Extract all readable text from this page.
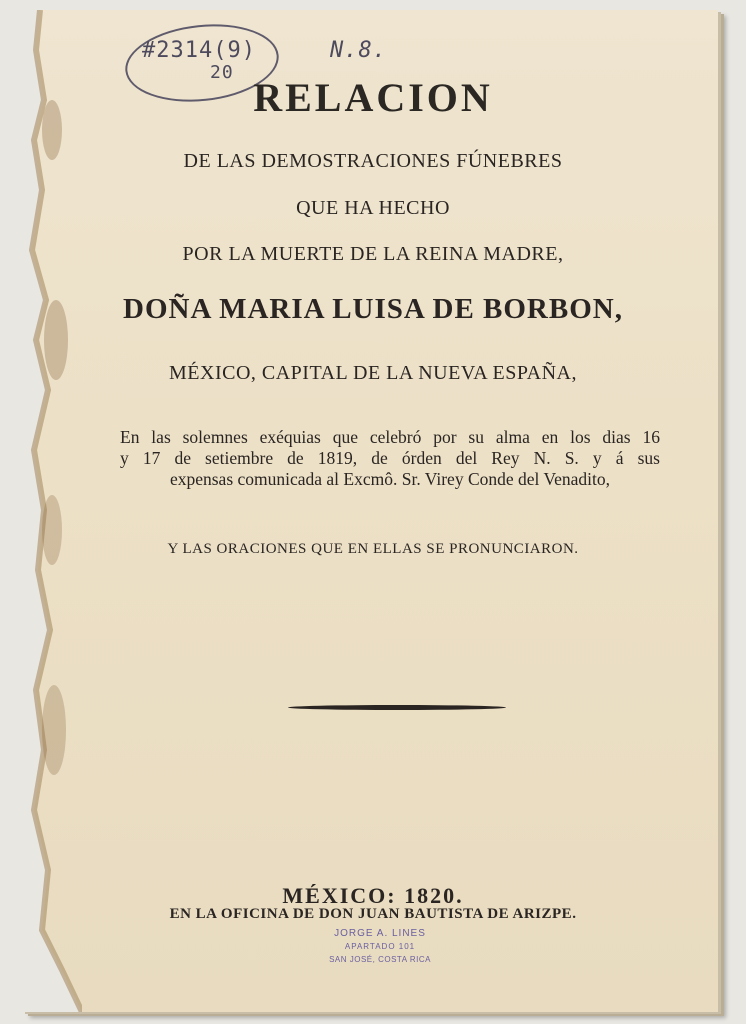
#2314(9)
20
N.8.
RELACION
DE LAS DEMOSTRACIONES FÚNEBRES
QUE HA HECHO
POR LA MUERTE DE LA REINA MADRE,
DOÑA MARIA LUISA DE BORBON,
MÉXICO, CAPITAL DE LA NUEVA ESPAÑA,
En las solemnes exéquias que celebró por su alma en los dias 16
y 17 de setiembre de 1819, de órden del Rey N. S. y á sus
expensas comunicada al Excmô. Sr. Virey Conde del Venadito,
Y LAS ORACIONES QUE EN ELLAS SE PRONUNCIARON.
MÉXICO: 1820.
EN LA OFICINA DE DON JUAN BAUTISTA DE ARIZPE.
JORGE A. LINES
APARTADO 101
SAN JOSÉ, COSTA RICA
